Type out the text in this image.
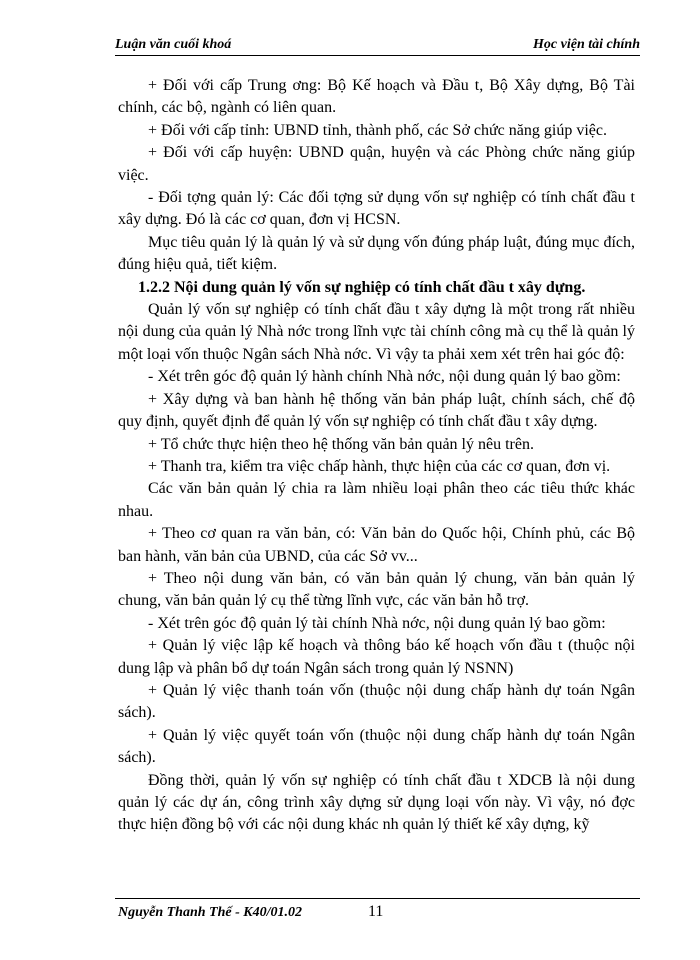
Luận văn cuối khoá	Học viện tài chính

+ Đối với cấp Trung ơng: Bộ Kế hoạch và Đầu t, Bộ Xây dựng, Bộ Tài chính, các bộ, ngành có liên quan.

+ Đối với cấp tỉnh: UBND tỉnh, thành phố, các Sở chức năng giúp việc.

+ Đối với cấp huyện: UBND quận, huyện và các Phòng chức năng giúp việc.

- Đối tợng quản lý: Các đối tợng sử dụng vốn sự nghiệp có tính chất đầu t xây dựng. Đó là các cơ quan, đơn vị HCSN.

Mục tiêu quản lý là quản lý và sử dụng vốn đúng pháp luật, đúng mục đích, đúng hiệu quả, tiết kiệm.

1.2.2 Nội dung quản lý vốn sự nghiệp có tính chất đầu t xây dựng.

Quản lý vốn sự nghiệp có tính chất đầu t xây dựng là một trong rất nhiều nội dung của quản lý Nhà nớc trong lĩnh vực tài chính công mà cụ thể là quản lý một loại vốn thuộc Ngân sách Nhà nớc. Vì vậy ta phải xem xét trên hai góc độ:

- Xét trên góc độ quản lý hành chính Nhà nớc, nội dung quản lý bao gồm:

+ Xây dựng và ban hành hệ thống văn bản pháp luật, chính sách, chế độ quy định, quyết định để quản lý vốn sự nghiệp có tính chất đầu t xây dựng.

+ Tổ chức thực hiện theo hệ thống văn bản quản lý nêu trên.

+ Thanh tra, kiểm tra việc chấp hành, thực hiện của các cơ quan, đơn vị.

Các văn bản quản lý chia ra làm nhiều loại phân theo các tiêu thức khác nhau.

+ Theo cơ quan ra văn bản, có: Văn bản do Quốc hội, Chính phủ, các Bộ ban hành, văn bản của UBND, của các Sở vv...

+ Theo nội dung văn bản, có văn bản quản lý chung, văn bản quản lý chung, văn bản quản lý cụ thể từng lĩnh vực, các văn bản hỗ trợ.

- Xét trên góc độ quản lý tài chính Nhà nớc, nội dung quản lý bao gồm:

+ Quản lý việc lập kế hoạch và thông báo kế hoạch vốn đầu t (thuộc nội dung lập và phân bổ dự toán Ngân sách trong quản lý NSNN)

+ Quản lý việc thanh toán vốn (thuộc nội dung chấp hành dự toán Ngân sách).

+ Quản lý việc quyết toán vốn (thuộc nội dung chấp hành dự toán Ngân sách).

Đồng thời, quản lý vốn sự nghiệp có tính chất đầu t XDCB là nội dung quản lý các dự án, công trình xây dựng sử dụng loại vốn này. Vì vậy, nó đợc thực hiện đồng bộ với các nội dung khác nh quản lý thiết kế xây dựng, kỹ

Nguyễn Thanh Thế - K40/01.02	11
